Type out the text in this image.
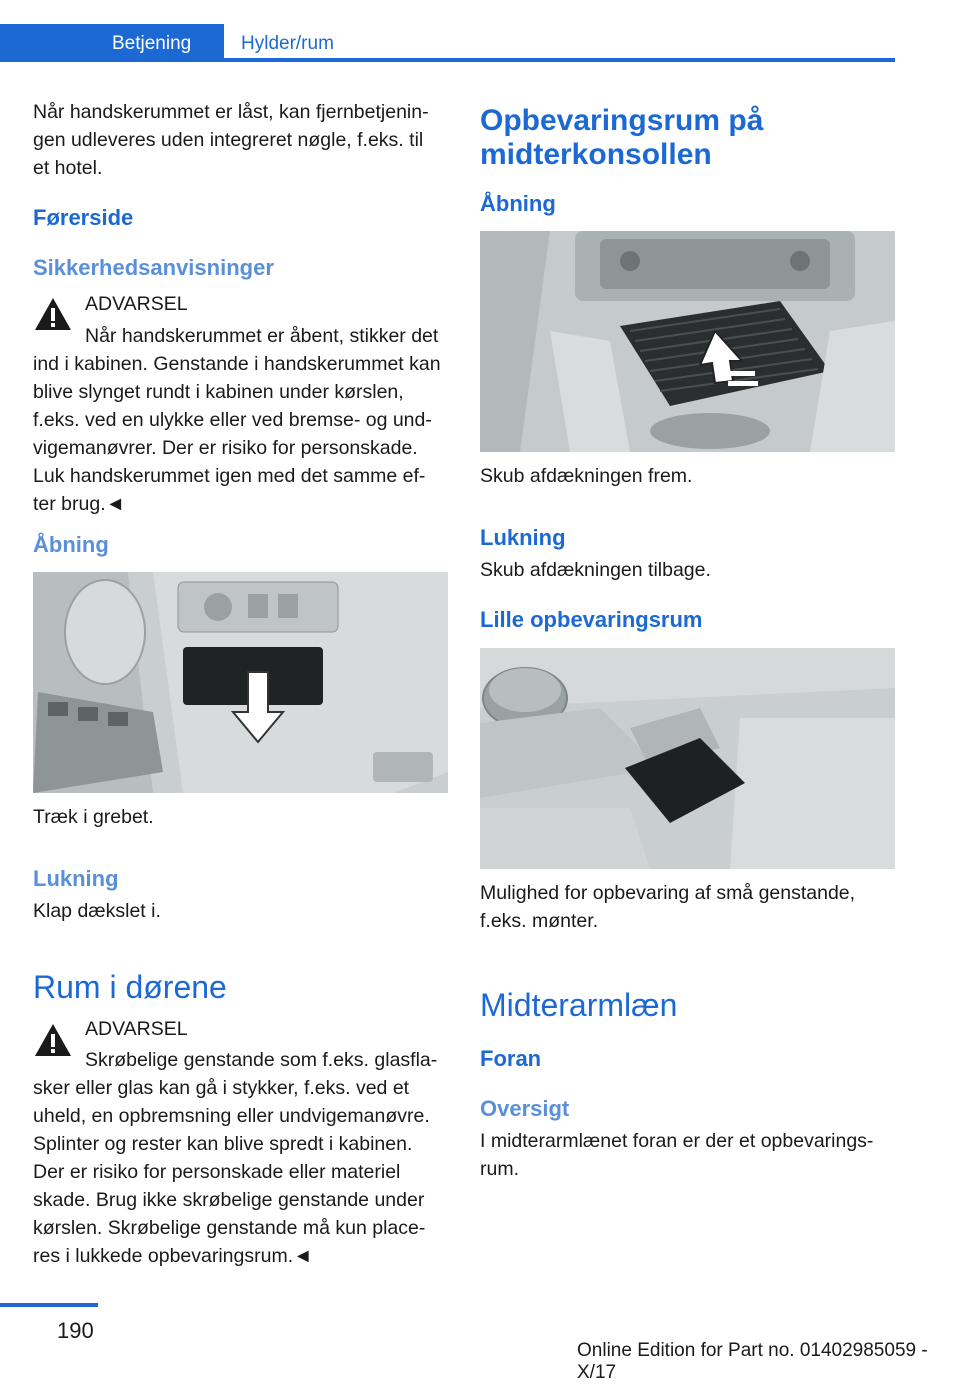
Betjening	Hylder/rum

Når handskerummet er låst, kan fjernbetjenin-

gen udleveres uden integreret nøgle, f.eks. til

et hotel.

Førerside

Sikkerhedsanvisninger

ADVARSEL

Når handskerummet er åbent, stikker det

ind i kabinen. Genstande i handskerummet kan

blive slynget rundt i kabinen under kørslen,

f.eks. ved en ulykke eller ved bremse- og und-

vigemanøvrer. Der er risiko for personskade.

Luk handskerummet igen med det samme ef-

ter brug.◄

Åbning

Træk i grebet.

Lukning

Klap dækslet i.

Rum i dørene

ADVARSEL

Skrøbelige genstande som f.eks. glasfla-

sker eller glas kan gå i stykker, f.eks. ved et

uheld, en opbremsning eller undvigemanøvre.

Splinter og rester kan blive spredt i kabinen.

Der er risiko for personskade eller materiel

skade. Brug ikke skrøbelige genstande under

kørslen. Skrøbelige genstande må kun place-

res i lukkede opbevaringsrum.◄

Opbevaringsrum på

midterkonsollen

Åbning

Skub afdækningen frem.

Lukning

Skub afdækningen tilbage.

Lille opbevaringsrum

Mulighed for opbevaring af små genstande,

f.eks. mønter.

Midterarmlæn

Foran

Oversigt

I midterarmlænet foran er der et opbevarings-

rum.

190
Online Edition for Part no. 01402985059 - X/17
